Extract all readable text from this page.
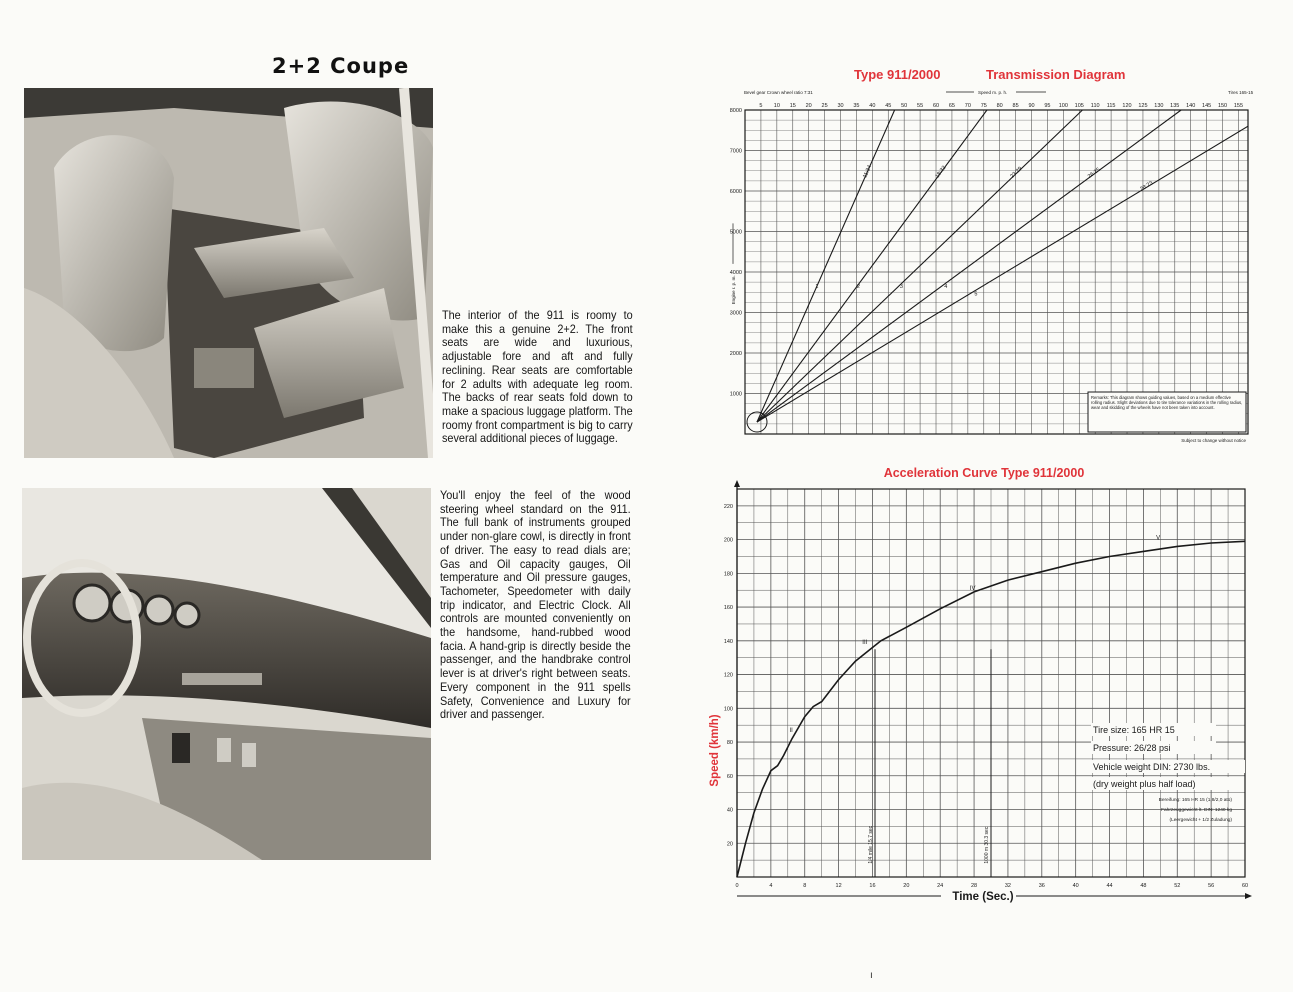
2+2 Coupe

The interior of the 911 is roomy to make this a genuine 2+2. The front seats are wide and luxurious, adjustable fore and aft and fully reclining. Rear seats are comfortable for 2 adults with adequate leg room. The backs of rear seats fold down to make a spacious luggage platform. The roomy front compartment is big to carry several additional pieces of luggage.

You'll enjoy the feel of the wood steering wheel standard on the 911. The full bank of instruments grouped under non-glare cowl, is directly in front of driver. The easy to read dials are; Gas and Oil capacity gauges, Oil temperature and Oil pressure gauges, Tachometer, Speedometer with daily trip indicator, and Electric Clock. All controls are mounted conveniently on the handsome, hand-rubbed wood facia. A hand-grip is directly beside the passenger, and the handbrake control lever is at driver's right between seats. Every component in the 911 spells Safety, Convenience and Luxury for driver and passenger.

Type 911/2000	Transmission Diagram
Bevel gear Crown wheel ratio 7:31	Speed m. p. h.	Tires 165-15
5 10 15 20 25 30 35 40 45 50 55 60 65 70 75 80 85 90 95 100 105 110 115 120 125 130 135 140 145 150 155
1000
2000
3000
4000
5000
6000
7000
8000
Engine r. p. m.	1
11:34
2
18:32
3
23:29
4
26:25
5
28:23
Remarks: This diagram shows guiding values, based on a medium effective rolling radius. Slight deviations due to tire tolerance variations in the rolling radius, wear and skidding of the wheels have not been taken into account.
Subject to change without notice
Acceleration Curve Type 911/2000
0	4	8	12	16	20	24	28	32	36	40	44	48	52	56	60
20
40
60
80
100
120
140
160
180
200
220
Time (Sec.)
Speed (km/h)
1/4 mile 15.7 sec	1000 m 30.3 sec
II
III
IV
V
Tire size: 165 HR 15
Pressure: 26/28 psi
Vehicle weight DIN: 2730 lbs.
(dry weight plus half load)
Bereifung: 165 HR 15 (1,8/2,0 atü)
Fahrzeuggewicht lt. DIN: 1240 kg
(Leergewicht + 1/2 Zuladung)
ı
